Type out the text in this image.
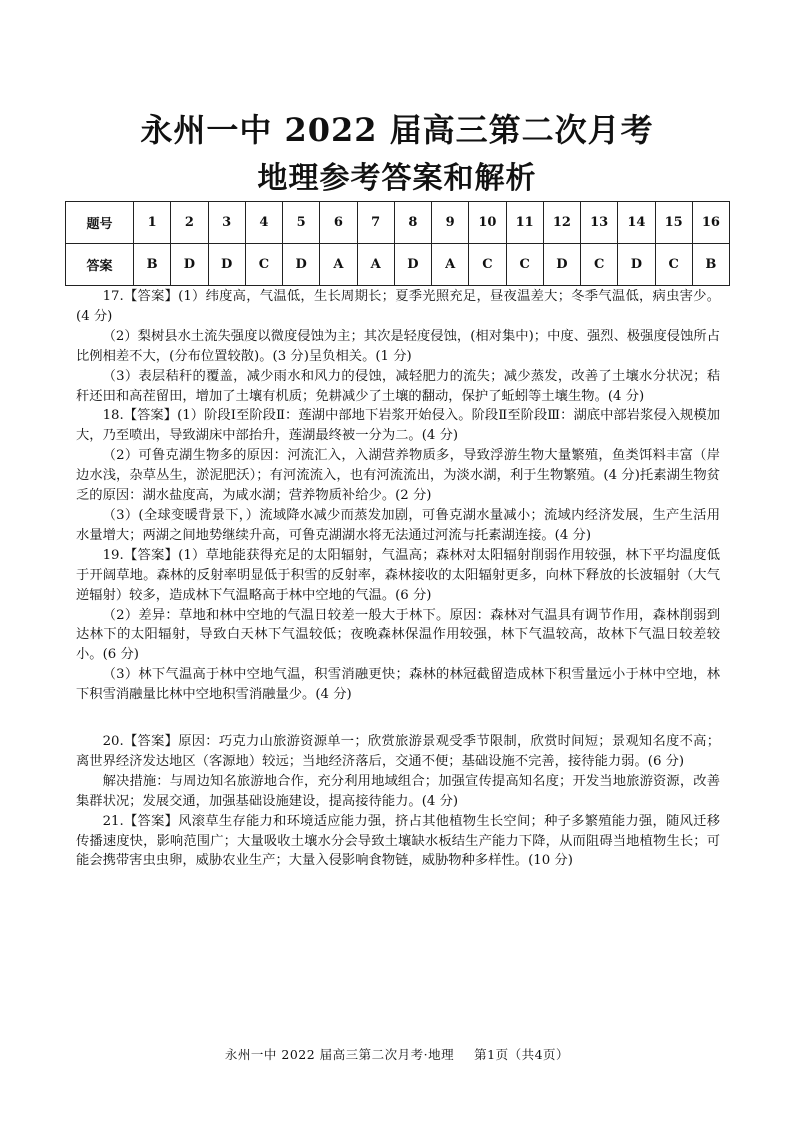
永州一中 2022 届高三第二次月考
地理参考答案和解析
题号	1	2	3	4	5	6	7	8	9	10	11	12	13	14	15	16
答案	B	D	D	C	D	A	A	D	A	C	C	D	C	D	C	B

17.【答案】(1）纬度高，气温低，生长周期长；夏季光照充足，昼夜温差大；冬季气温低，病虫害少。(4 分)

（2）梨树县水土流失强度以微度侵蚀为主；其次是轻度侵蚀，(相对集中)；中度、强烈、极强度侵蚀所占比例相差不大，(分布位置较散)。(3 分)呈负相关。(1 分)

（3）表层秸秆的覆盖，减少雨水和风力的侵蚀，减轻肥力的流失；减少蒸发，改善了土壤水分状况；秸秆还田和高茬留田，增加了土壤有机质；免耕减少了土壤的翻动，保护了蚯蚓等土壤生物。(4 分)

18.【答案】(1）阶段Ⅰ至阶段Ⅱ：莲湖中部地下岩浆开始侵入。阶段Ⅱ至阶段Ⅲ：湖底中部岩浆侵入规模加大，乃至喷出，导致湖床中部抬升，莲湖最终被一分为二。(4 分)

（2）可鲁克湖生物多的原因：河流汇入，入湖营养物质多，导致浮游生物大量繁殖，鱼类饵料丰富（岸边水浅，杂草丛生，淤泥肥沃）；有河流流入，也有河流流出，为淡水湖，利于生物繁殖。(4 分)托素湖生物贫乏的原因：湖水盐度高，为咸水湖；营养物质补给少。(2 分)

（3）(全球变暖背景下，）流域降水减少而蒸发加剧，可鲁克湖水量减小；流域内经济发展，生产生活用水量增大；两湖之间地势继续升高，可鲁克湖湖水将无法通过河流与托素湖连接。(4 分)

19.【答案】(1）草地能获得充足的太阳辐射，气温高；森林对太阳辐射削弱作用较强，林下平均温度低于开阔草地。森林的反射率明显低于积雪的反射率，森林接收的太阳辐射更多，向林下释放的长波辐射（大气逆辐射）较多，造成林下气温略高于林中空地的气温。(6 分)

（2）差异：草地和林中空地的气温日较差一般大于林下。原因：森林对气温具有调节作用，森林削弱到达林下的太阳辐射，导致白天林下气温较低；夜晚森林保温作用较强，林下气温较高，故林下气温日较差较小。(6 分)

（3）林下气温高于林中空地气温，积雪消融更快；森林的林冠截留造成林下积雪量远小于林中空地，林下积雪消融量比林中空地积雪消融量少。(4 分)

20.【答案】原因：巧克力山旅游资源单一；欣赏旅游景观受季节限制，欣赏时间短；景观知名度不高；离世界经济发达地区（客源地）较远；当地经济落后，交通不便；基础设施不完善，接待能力弱。(6 分)

解决措施：与周边知名旅游地合作，充分利用地域组合；加强宣传提高知名度；开发当地旅游资源，改善集群状况；发展交通，加强基础设施建设，提高接待能力。(4 分)

21.【答案】风滚草生存能力和环境适应能力强，挤占其他植物生长空间；种子多繁殖能力强，随风迁移传播速度快，影响范围广；大量吸收土壤水分会导致土壤缺水板结生产能力下降，从而阻碍当地植物生长；可能会携带害虫虫卵，威胁农业生产；大量入侵影响食物链，威胁物种多样性。(10 分)

永州一中 2022 届高三第二次月考·地理 第1页（共4页）
